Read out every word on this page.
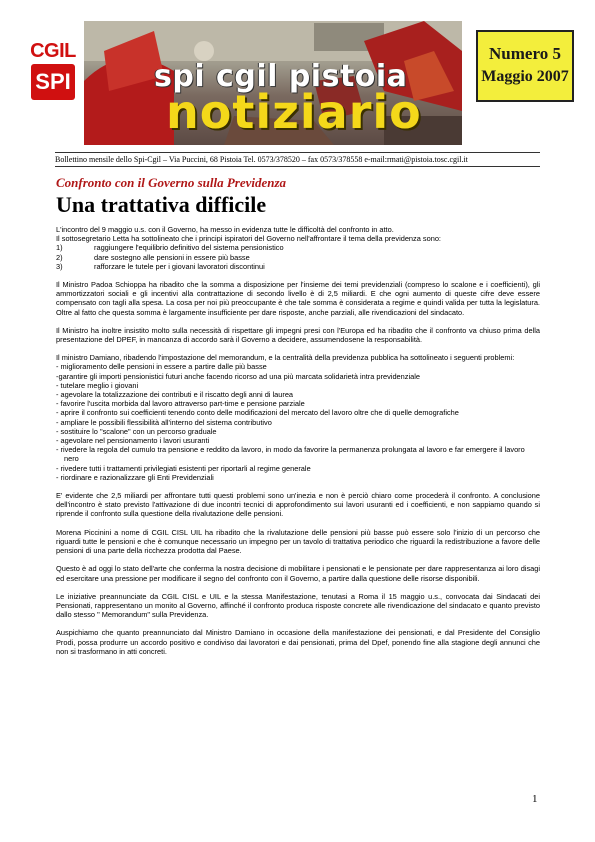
CGIL
SPI	spi cgil pistoia
notiziario
Numero 5
Maggio 2007
Bollettino mensile dello Spi-Cgil – Via Puccini, 68 Pistoia Tel. 0573/378520 – fax 0573/378558 e-mail:rmati@pistoia.tosc.cgil.it
Confronto con il Governo sulla Previdenza
Una trattativa difficile

L'incontro del 9 maggio u.s. con il Governo, ha messo in evidenza tutte le difficoltà del confronto in atto.

Il sottosegretario Letta ha sottolineato che i principi ispiratori del Governo nell'affrontare il tema della previdenza sono:

1)	raggiungere l'equilibrio definitivo del sistema pensionistico
2)	dare sostegno alle pensioni in essere più basse
3)	rafforzare le tutele per i giovani lavoratori discontinui

Il Ministro Padoa Schioppa ha ribadito che la somma a disposizione per l'insieme dei temi previdenziali (compreso lo scalone e i coefficienti), gli ammortizzatori sociali e gli incentivi alla contrattazione di secondo livello è di 2,5 miliardi. E che ogni aumento di queste cifre deve essere compensato con tagli alla spesa. La cosa per noi più preoccupante è che tale somma è considerata a regime e quindi valida per tutta la legislatura. Oltre al fatto che questa somma è largamente insufficiente per dare risposte, anche parziali, alle rivendicazioni del sindacato.

Il Ministro ha inoltre insistito molto sulla necessità di rispettare gli impegni presi con l'Europa ed ha ribadito che il confronto va chiuso prima della presentazione del DPEF, in mancanza di accordo sarà il Governo a decidere, assumendosene la responsabilità.

Il ministro Damiano, ribadendo l'impostazione del memorandum, e la centralità della previdenza pubblica ha sottolineato i seguenti problemi:

- miglioramento delle pensioni in essere a partire dalle più basse
-garantire gli importi pensionistici futuri anche facendo ricorso ad una più marcata solidarietà intra previdenziale
- tutelare meglio i giovani
- agevolare la totalizzazione dei contributi e il riscatto degli anni di laurea
- favorire l'uscita morbida dal lavoro attraverso part-time e pensione parziale
- aprire il confronto sui coefficienti tenendo conto delle modificazioni del mercato del lavoro oltre che di quelle demografiche
- ampliare le possibili flessibilità all'interno del sistema contributivo
- sostituire lo "scalone" con un percorso graduale
- agevolare nel pensionamento i lavori usuranti
- rivedere la regola del cumulo tra pensione e reddito da lavoro, in modo da favorire la permanenza prolungata al lavoro e far emergere il lavoro nero
- rivedere tutti i trattamenti privilegiati esistenti per riportarli al regime generale
- riordinare e razionalizzare gli Enti Previdenziali

E' evidente che 2,5 miliardi per affrontare tutti questi problemi sono un'inezia e non è perciò chiaro come procederà il confronto. A conclusione dell'incontro è stato previsto l'attivazione di due incontri tecnici di approfondimento sui lavori usuranti ed i coefficienti, e non sappiamo quando si riprende il confronto sulla questione della rivalutazione delle pensioni.

Morena Piccinini a nome di CGIL CISL UIL ha ribadito che la rivalutazione delle pensioni più basse può essere solo l'inizio di un percorso che riguardi tutte le pensioni e che è comunque necessario un impegno per un tavolo di trattativa periodico che riguardi la redistribuzione a favore delle pensioni di una parte della ricchezza prodotta dal Paese.

Questo è ad oggi lo stato dell'arte che conferma la nostra decisione di mobilitare i pensionati e le pensionate per dare rappresentanza ai loro disagi ed esercitare una pressione per modificare il segno del confronto con il Governo, a partire dalla questione delle risorse disponibili.

Le iniziative preannunciate da CGIL CISL e UIL e la stessa Manifestazione, tenutasi a Roma il 15 maggio u.s., convocata dai Sindacati dei Pensionati, rappresentano un monito al Governo, affinché il confronto produca risposte concrete alle rivendicazione del sindacato e quanto previsto dallo stesso " Memorandum" sulla Previdenza.

Auspichiamo che quanto preannunciato dal Ministro Damiano in occasione della manifestazione dei pensionati, e dal Presidente del Consiglio Prodi, possa produrre un accordo positivo e condiviso dai lavoratori e dai pensionati, prima del Dpef, ponendo fine alla stagione degli annunci che non si trasformano in atti concreti.

1
